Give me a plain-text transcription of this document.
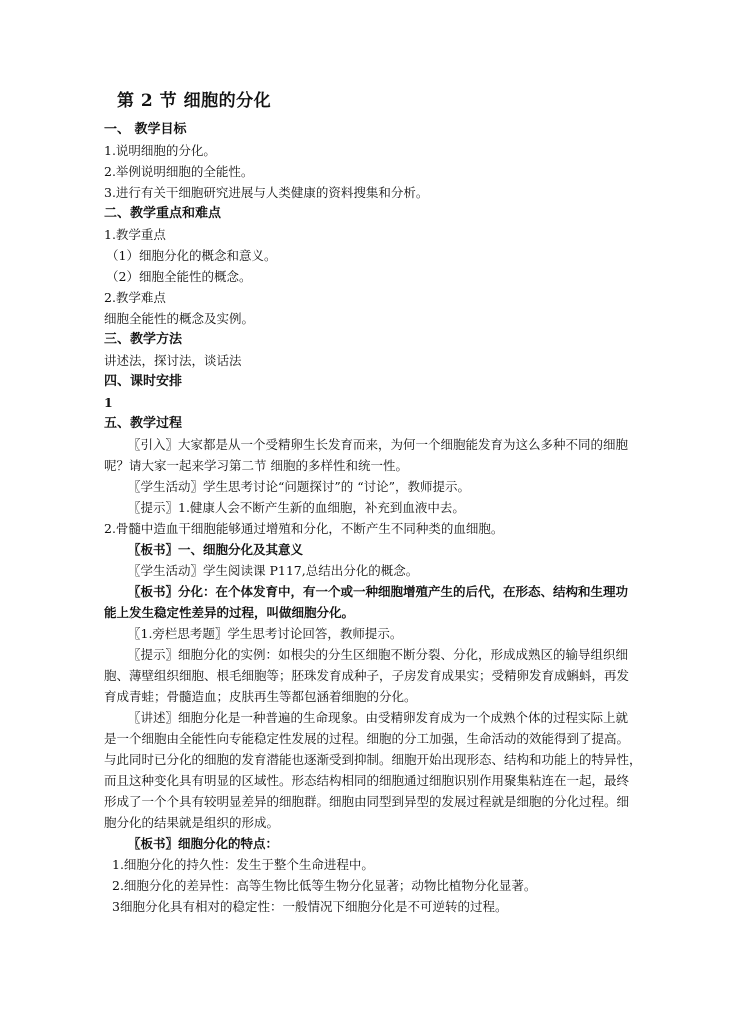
第 2 节 细胞的分化
一、 教学目标
1.说明细胞的分化。
2.举例说明细胞的全能性。
3.进行有关干细胞研究进展与人类健康的资料搜集和分析。
二、教学重点和难点
1.教学重点
（1）细胞分化的概念和意义。
（2）细胞全能性的概念。
2.教学难点
细胞全能性的概念及实例。
三、教学方法
讲述法，探讨法，谈话法
四、课时安排
1
五、教学过程
〖引入〗大家都是从一个受精卵生长发育而来，为何一个细胞能发育为这么多种不同的细胞
呢？请大家一起来学习第二节 细胞的多样性和统一性。
〖学生活动〗学生思考讨论“问题探讨”的 “讨论”，教师提示。
〖提示〗1.健康人会不断产生新的血细胞，补充到血液中去。
2.骨髓中造血干细胞能够通过增殖和分化，不断产生不同种类的血细胞。
〖板书〗一、细胞分化及其意义
〖学生活动〗学生阅读课 P117,总结出分化的概念。
〖板书〗分化：在个体发育中，有一个或一种细胞增殖产生的后代，在形态、结构和生理功
能上发生稳定性差异的过程，叫做细胞分化。
〖1.旁栏思考题〗学生思考讨论回答，教师提示。
〖提示〗细胞分化的实例：如根尖的分生区细胞不断分裂、分化，形成成熟区的输导组织细
胞、薄壁组织细胞、根毛细胞等；胚珠发育成种子，子房发育成果实；受精卵发育成蝌蚪，再发
育成青蛙；骨髓造血；皮肤再生等都包涵着细胞的分化。
〖讲述〗细胞分化是一种普遍的生命现象。由受精卵发育成为一个成熟个体的过程实际上就
是一个细胞由全能性向专能稳定性发展的过程。细胞的分工加强，生命活动的效能得到了提高。
与此同时已分化的细胞的发育潜能也逐渐受到抑制。细胞开始出现形态、结构和功能上的特异性，
而且这种变化具有明显的区域性。形态结构相同的细胞通过细胞识别作用聚集粘连在一起，最终
形成了一个个具有较明显差异的细胞群。细胞由同型到异型的发展过程就是细胞的分化过程。细
胞分化的结果就是组织的形成。
〖板书〗细胞分化的特点：
1.细胞分化的持久性：发生于整个生命进程中。
2.细胞分化的差异性：高等生物比低等生物分化显著；动物比植物分化显著。
3细胞分化具有相对的稳定性：一般情况下细胞分化是不可逆转的过程。
